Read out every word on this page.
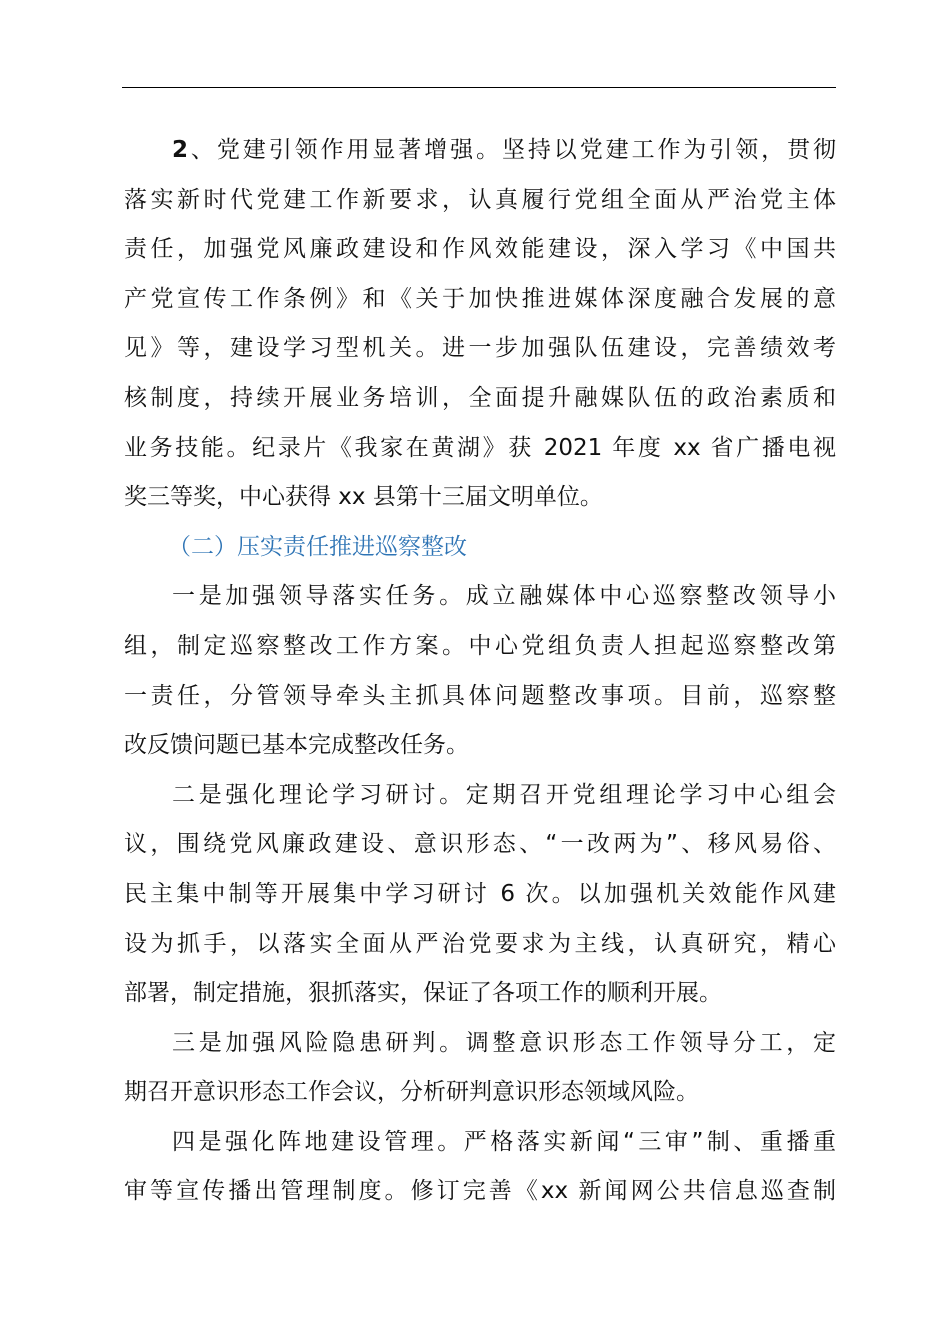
2、党建引领作用显著增强。坚持以党建工作为引领，贯彻
落实新时代党建工作新要求，认真履行党组全面从严治党主体
责任，加强党风廉政建设和作风效能建设，深入学习《中国共
产党宣传工作条例》和《关于加快推进媒体深度融合发展的意
见》等，建设学习型机关。进一步加强队伍建设，完善绩效考
核制度，持续开展业务培训，全面提升融媒队伍的政治素质和
业务技能。纪录片《我家在黄湖》获 2021 年度 xx 省广播电视
奖三等奖，中心获得 xx 县第十三届文明单位。
（二）压实责任推进巡察整改
一是加强领导落实任务。成立融媒体中心巡察整改领导小
组，制定巡察整改工作方案。中心党组负责人担起巡察整改第
一责任，分管领导牵头主抓具体问题整改事项。目前，巡察整
改反馈问题已基本完成整改任务。
二是强化理论学习研讨。定期召开党组理论学习中心组会
议，围绕党风廉政建设、意识形态、“一改两为”、移风易俗、
民主集中制等开展集中学习研讨 6 次。以加强机关效能作风建
设为抓手，以落实全面从严治党要求为主线，认真研究，精心
部署，制定措施，狠抓落实，保证了各项工作的顺利开展。
三是加强风险隐患研判。调整意识形态工作领导分工，定
期召开意识形态工作会议，分析研判意识形态领域风险。
四是强化阵地建设管理。严格落实新闻“三审”制、重播重
审等宣传播出管理制度。修订完善《xx 新闻网公共信息巡查制
